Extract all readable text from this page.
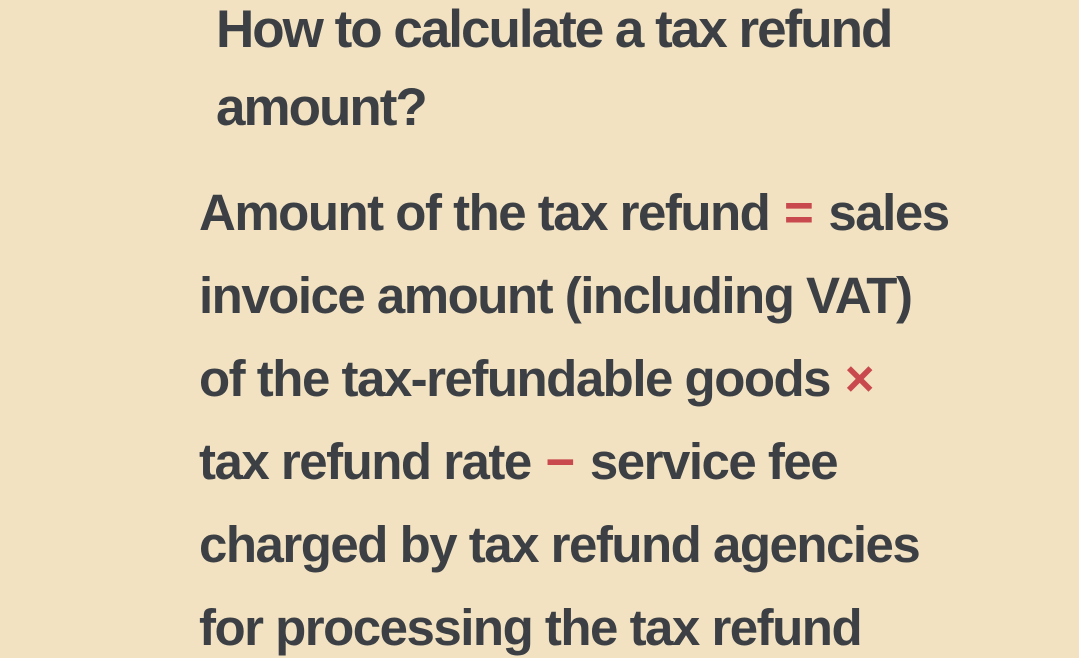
How to calculate a tax refund
amount?
Amount of the tax refund = sales
invoice amount (including VAT)
of the tax-refundable goods ×
tax refund rate − service fee
charged by tax refund agencies
for processing the tax refund
